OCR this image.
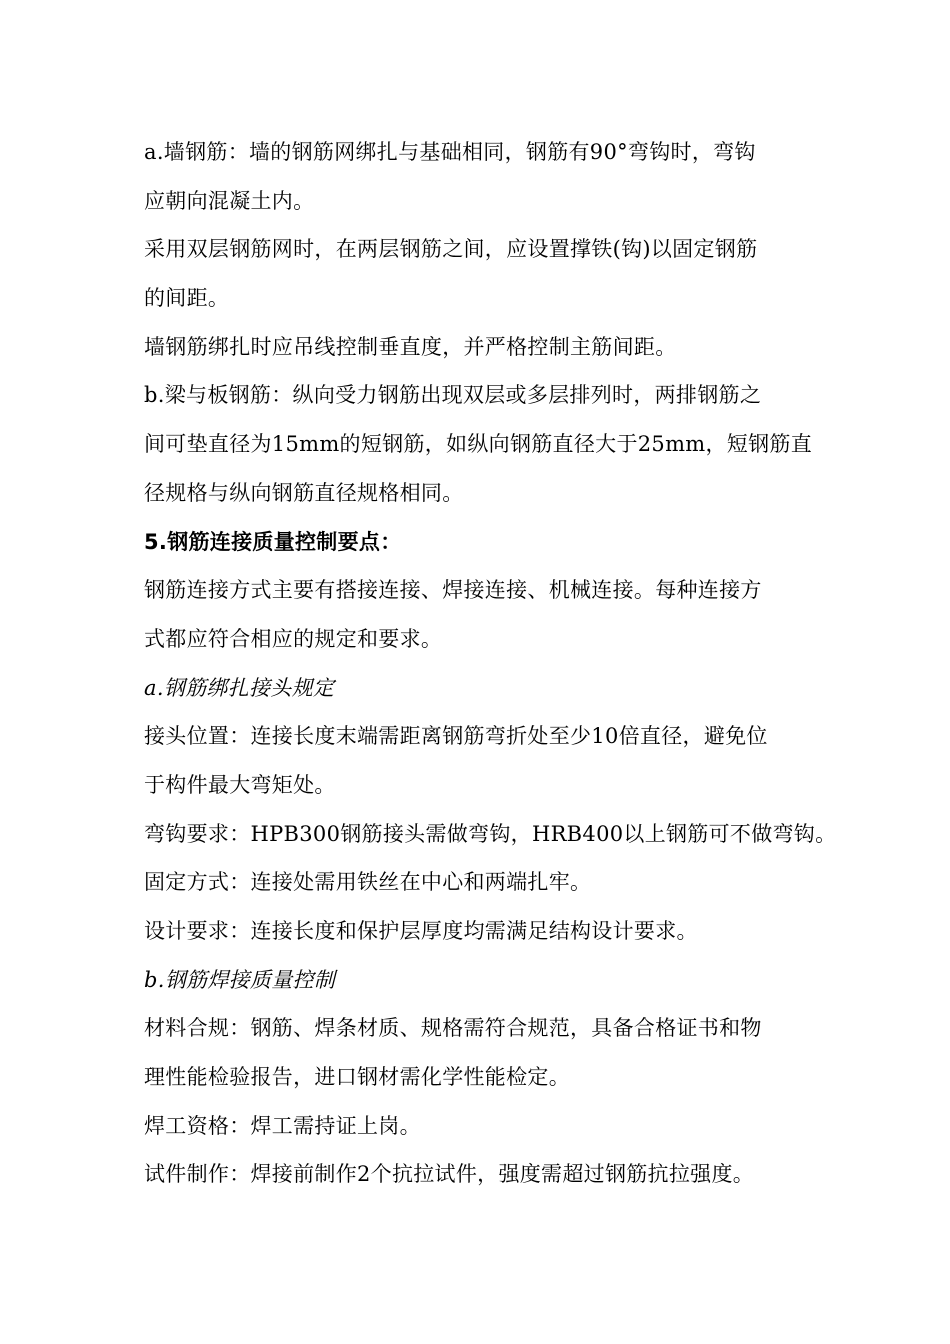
a.墙钢筋：墙的钢筋网绑扎与基础相同，钢筋有90°弯钩时，弯钩
应朝向混凝土内。
采用双层钢筋网时，在两层钢筋之间，应设置撑铁(钩)以固定钢筋
的间距。
墙钢筋绑扎时应吊线控制垂直度，并严格控制主筋间距。
b.梁与板钢筋：纵向受力钢筋出现双层或多层排列时，两排钢筋之
间可垫直径为15mm的短钢筋，如纵向钢筋直径大于25mm，短钢筋直
径规格与纵向钢筋直径规格相同。
5.钢筋连接质量控制要点：
钢筋连接方式主要有搭接连接、焊接连接、机械连接。每种连接方
式都应符合相应的规定和要求。
a.钢筋绑扎接头规定
接头位置：连接长度末端需距离钢筋弯折处至少10倍直径，避免位
于构件最大弯矩处。
弯钩要求：HPB300钢筋接头需做弯钩，HRB400以上钢筋可不做弯钩。
固定方式：连接处需用铁丝在中心和两端扎牢。
设计要求：连接长度和保护层厚度均需满足结构设计要求。
b.钢筋焊接质量控制
材料合规：钢筋、焊条材质、规格需符合规范，具备合格证书和物
理性能检验报告，进口钢材需化学性能检定。
焊工资格：焊工需持证上岗。
试件制作：焊接前制作2个抗拉试件，强度需超过钢筋抗拉强度。
